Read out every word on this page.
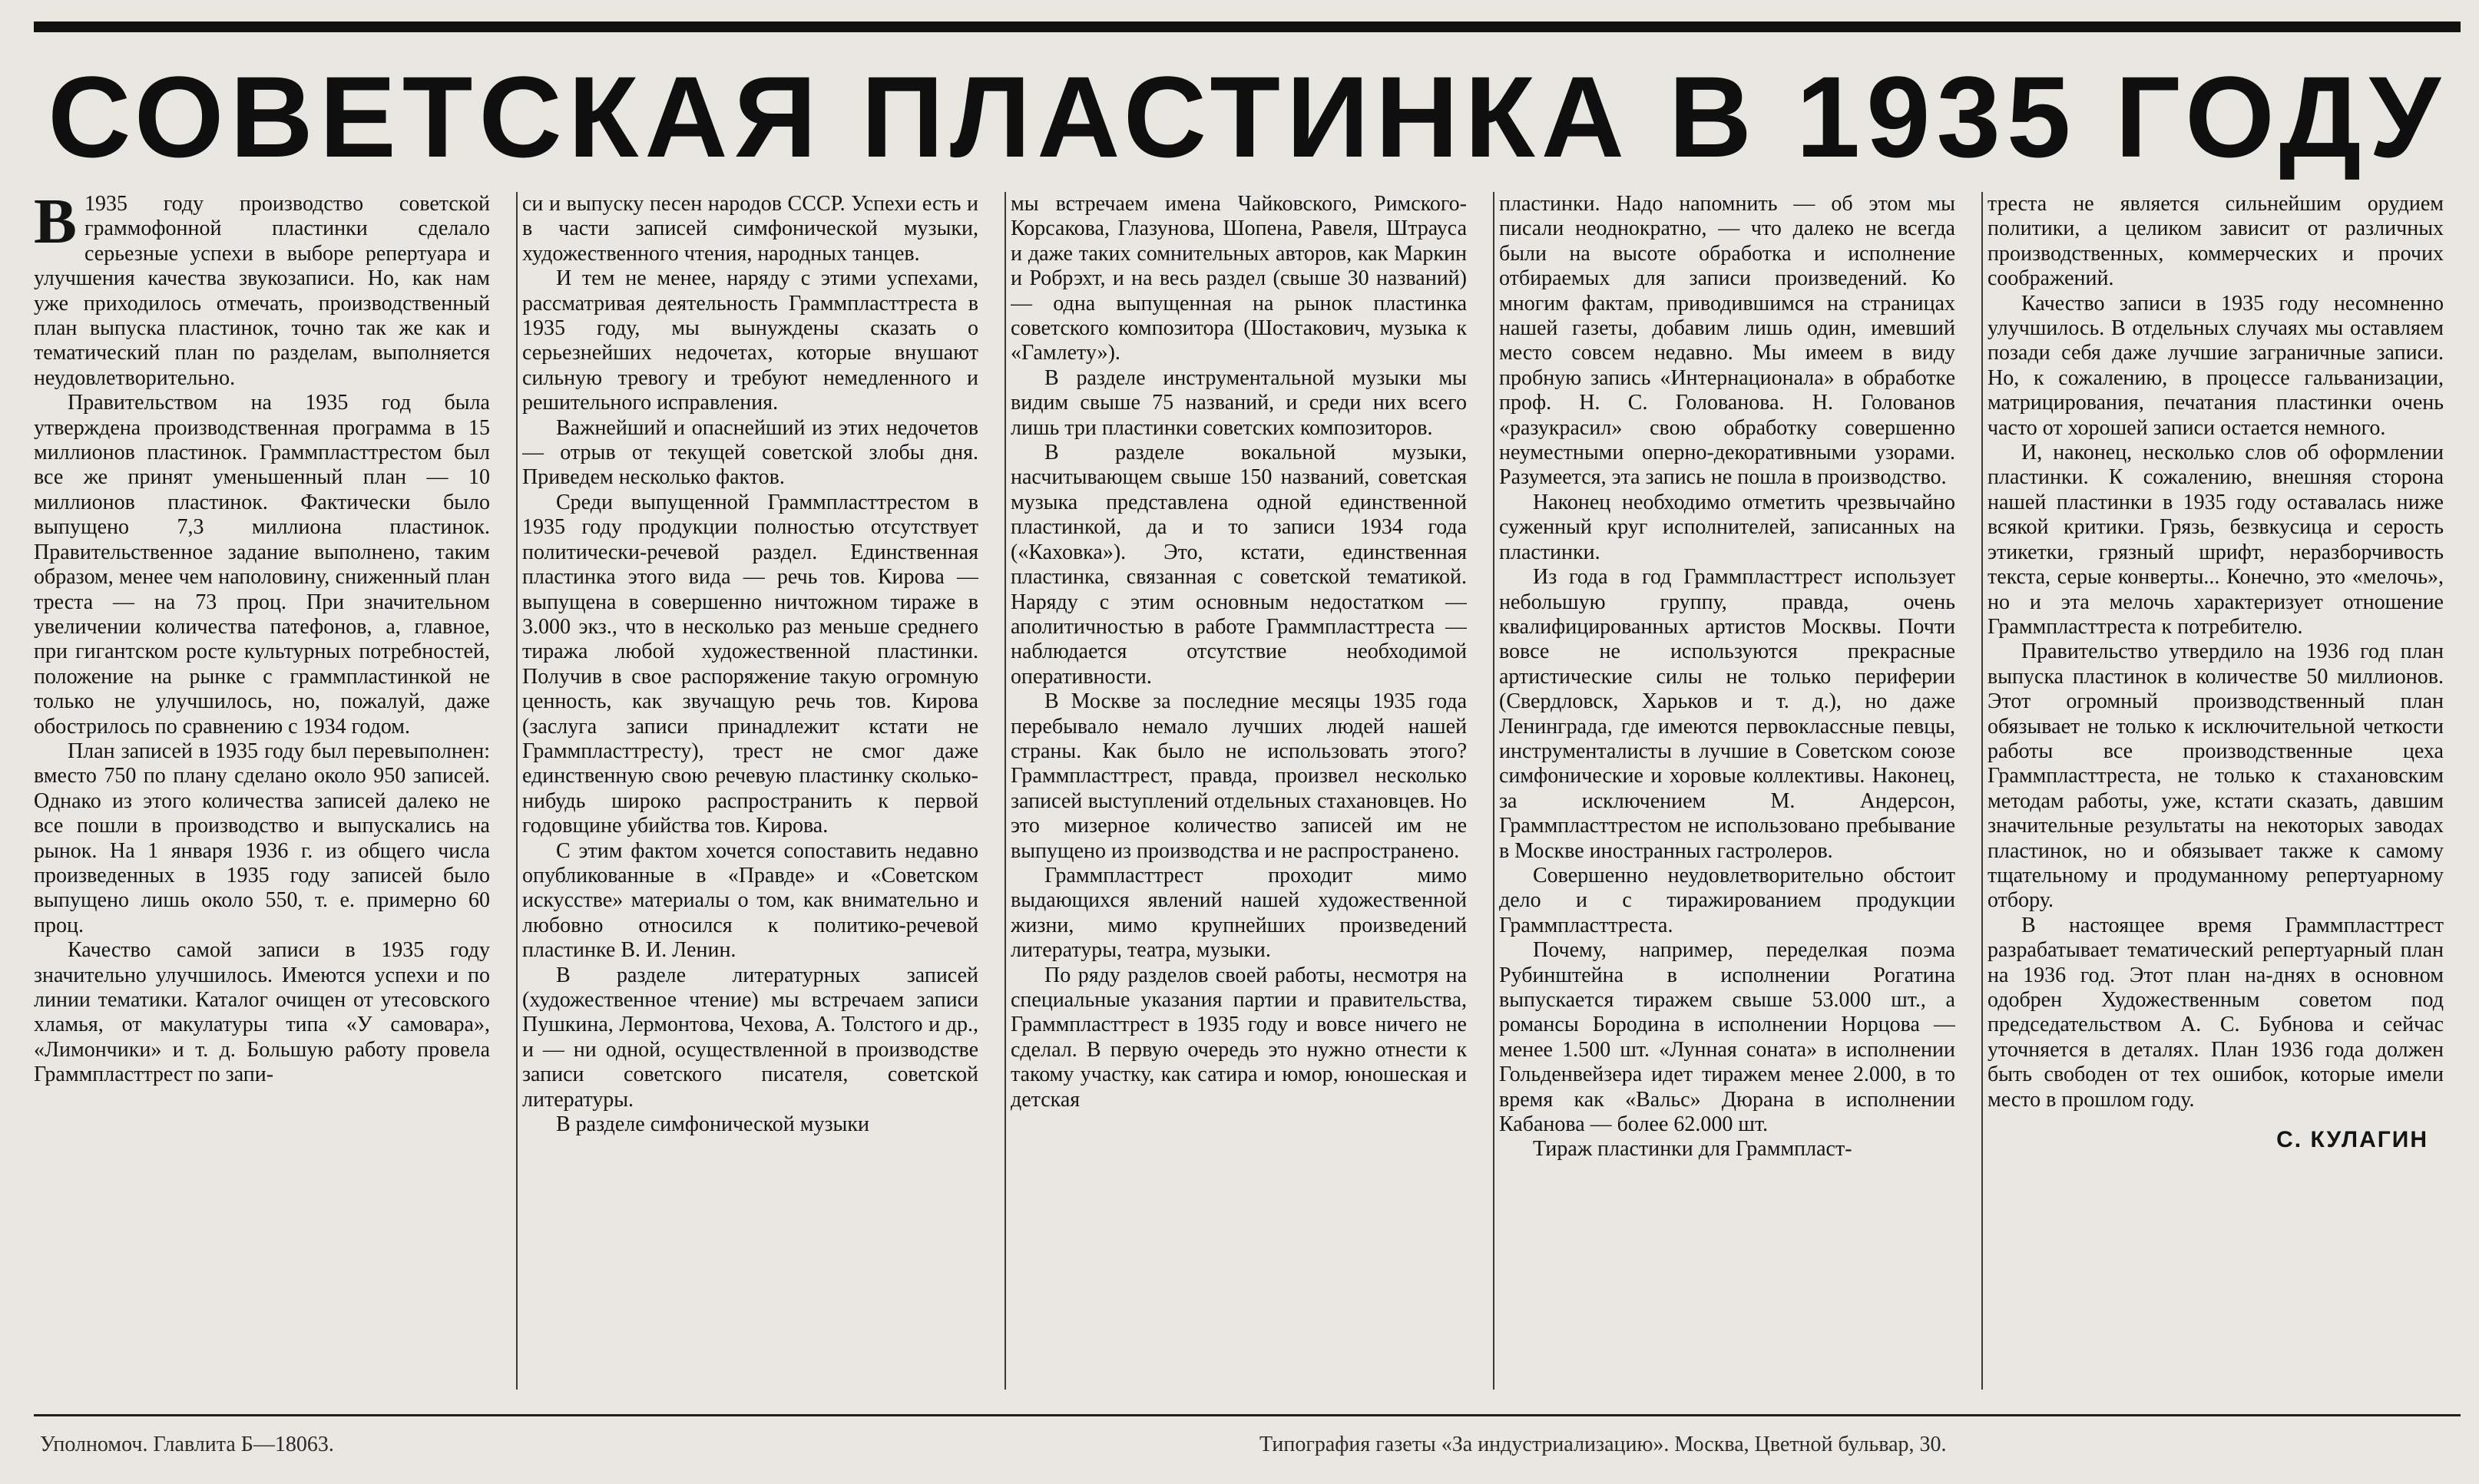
СОВЕТСКАЯ ПЛАСТИНКА В 1935 ГОДУ

В 1935 году производство советской граммофонной пластинки сделало серьезные успехи в выборе репертуара и улучшения качества звукозаписи. Но, как нам уже приходилось отмечать, производственный план выпуска пластинок, точно так же как и тематический план по разделам, выполняется неудовлетворительно.

Правительством на 1935 год была утверждена производственная программа в 15 миллионов пластинок. Граммпласттрестом был все же принят уменьшенный план — 10 миллионов пластинок. Фактически было выпущено 7,3 миллиона пластинок. Правительственное задание выполнено, таким образом, менее чем наполовину, сниженный план треста — на 73 проц. При значительном увеличении количества патефонов, а, главное, при гигантском росте культурных потребностей, положение на рынке с граммпластинкой не только не улучшилось, но, пожалуй, даже обострилось по сравнению с 1934 годом.

План записей в 1935 году был перевыполнен: вместо 750 по плану сделано около 950 записей. Однако из этого количества записей далеко не все пошли в производство и выпускались на рынок. На 1 января 1936 г. из общего числа произведенных в 1935 году записей было выпущено лишь около 550, т. е. примерно 60 проц.

Качество самой записи в 1935 году значительно улучшилось. Имеются успехи и по линии тематики. Каталог очищен от утесовского хламья, от макулатуры типа «У самовара», «Лимончики» и т. д. Большую работу провела Граммпласттрест по запи-

си и выпуску песен народов СССР. Успехи есть и в части записей симфонической музыки, художественного чтения, народных танцев.

И тем не менее, наряду с этими успехами, рассматривая деятельность Граммпласттреста в 1935 году, мы вынуждены сказать о серьезнейших недочетах, которые внушают сильную тревогу и требуют немедленного и решительного исправления.

Важнейший и опаснейший из этих недочетов — отрыв от текущей советской злобы дня. Приведем несколько фактов.

Среди выпущенной Граммпласттрестом в 1935 году продукции полностью отсутствует политически-речевой раздел. Единственная пластинка этого вида — речь тов. Кирова — выпущена в совершенно ничтожном тираже в 3.000 экз., что в несколько раз меньше среднего тиража любой художественной пластинки. Получив в свое распоряжение такую огромную ценность, как звучащую речь тов. Кирова (заслуга записи принадлежит кстати не Граммпласттресту), трест не смог даже единственную свою речевую пластинку сколько-нибудь широко распространить к первой годовщине убийства тов. Кирова.

С этим фактом хочется сопоставить недавно опубликованные в «Правде» и «Советском искусстве» материалы о том, как внимательно и любовно относился к политико-речевой пластинке В. И. Ленин.

В разделе литературных записей (художественное чтение) мы встречаем записи Пушкина, Лермонтова, Чехова, А. Толстого и др., и — ни одной, осуществленной в производстве записи советского писателя, советской литературы.

В разделе симфонической музыки

мы встречаем имена Чайковского, Римского-Корсакова, Глазунова, Шопена, Равеля, Штрауса и даже таких сомнительных авторов, как Маркин и Робрэхт, и на весь раздел (свыше 30 названий) — одна выпущенная на рынок пластинка советского композитора (Шостакович, музыка к «Гамлету»).

В разделе инструментальной музыки мы видим свыше 75 названий, и среди них всего лишь три пластинки советских композиторов.

В разделе вокальной музыки, насчитывающем свыше 150 названий, советская музыка представлена одной единственной пластинкой, да и то записи 1934 года («Каховка»). Это, кстати, единственная пластинка, связанная с советской тематикой. Наряду с этим основным недостатком — аполитичностью в работе Граммпласттреста — наблюдается отсутствие необходимой оперативности.

В Москве за последние месяцы 1935 года перебывало немало лучших людей нашей страны. Как было не использовать этого? Граммпласттрест, правда, произвел несколько записей выступлений отдельных стахановцев. Но это мизерное количество записей им не выпущено из производства и не распространено.

Граммпласттрест проходит мимо выдающихся явлений нашей художественной жизни, мимо крупнейших произведений литературы, театра, музыки.

По ряду разделов своей работы, несмотря на специальные указания партии и правительства, Граммпласттрест в 1935 году и вовсе ничего не сделал. В первую очередь это нужно отнести к такому участку, как сатира и юмор, юношеская и детская

пластинки. Надо напомнить — об этом мы писали неоднократно, — что далеко не всегда были на высоте обработка и исполнение отбираемых для записи произведений. Ко многим фактам, приводившимся на страницах нашей газеты, добавим лишь один, имевший место совсем недавно. Мы имеем в виду пробную запись «Интернационала» в обработке проф. Н. С. Голованова. Н. Голованов «разукрасил» свою обработку совершенно неуместными оперно-декоративными узорами. Разумеется, эта запись не пошла в производство.

Наконец необходимо отметить чрезвычайно суженный круг исполнителей, записанных на пластинки.

Из года в год Граммпласттрест использует небольшую группу, правда, очень квалифицированных артистов Москвы. Почти вовсе не используются прекрасные артистические силы не только периферии (Свердловск, Харьков и т. д.), но даже Ленинграда, где имеются первоклассные певцы, инструменталисты в лучшие в Советском союзе симфонические и хоровые коллективы. Наконец, за исключением М. Андерсон, Граммпласттрестом не использовано пребывание в Москве иностранных гастролеров.

Совершенно неудовлетворительно обстоит дело и с тиражированием продукции Граммпласттреста.

Почему, например, переделкая поэма Рубинштейна в исполнении Рогатина выпускается тиражем свыше 53.000 шт., а романсы Бородина в исполнении Норцова — менее 1.500 шт. «Лунная соната» в исполнении Гольденвейзера идет тиражем менее 2.000, в то время как «Вальс» Дюрана в исполнении Кабанова — более 62.000 шт.

Тираж пластинки для Граммпласт-

треста не является сильнейшим орудием политики, а целиком зависит от различных производственных, коммерческих и прочих соображений.

Качество записи в 1935 году несомненно улучшилось. В отдельных случаях мы оставляем позади себя даже лучшие заграничные записи. Но, к сожалению, в процессе гальванизации, матрицирования, печатания пластинки очень часто от хорошей записи остается немного.

И, наконец, несколько слов об оформлении пластинки. К сожалению, внешняя сторона нашей пластинки в 1935 году оставалась ниже всякой критики. Грязь, безвкусица и серость этикетки, грязный шрифт, неразборчивость текста, серые конверты... Конечно, это «мелочь», но и эта мелочь характеризует отношение Граммпласттреста к потребителю.

Правительство утвердило на 1936 год план выпуска пластинок в количестве 50 миллионов. Этот огромный производственный план обязывает не только к исключительной четкости работы все производственные цеха Граммпласттреста, не только к стахановским методам работы, уже, кстати сказать, давшим значительные результаты на некоторых заводах пластинок, но и обязывает также к самому тщательному и продуманному репертуарному отбору.

В настоящее время Граммпласттрест разрабатывает тематический репертуарный план на 1936 год. Этот план на-днях в основном одобрен Художественным советом под председательством А. С. Бубнова и сейчас уточняется в деталях. План 1936 года должен быть свободен от тех ошибок, которые имели место в прошлом году.

С. КУЛАГИН
Уполномоч. Главлита Б—18063.	Типография газеты «За индустриализацию». Москва, Цветной бульвар, 30.
